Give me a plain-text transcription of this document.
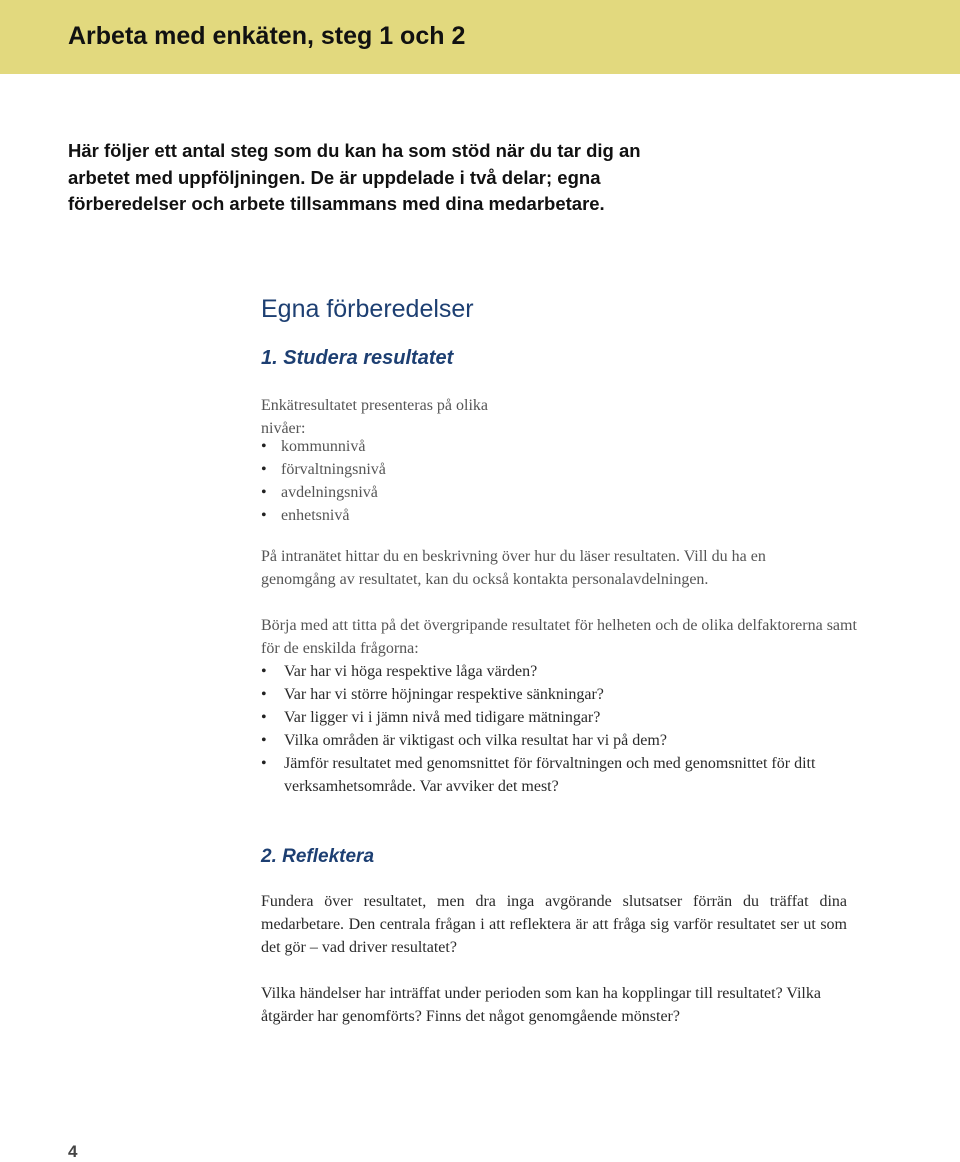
Arbeta med enkäten, steg 1 och 2

Här följer ett antal steg som du kan ha som stöd när du tar dig an arbetet med uppföljningen. De är uppdelade i två delar; egna förberedelser och arbete tillsammans med dina medarbetare.

Egna förberedelser
1. Studera resultatet

Enkätresultatet presenteras på olika nivåer:

• kommunnivå
• förvaltningsnivå
• avdelningsnivå
• enhetsnivå

På intranätet hittar du en beskrivning över hur du läser resultaten. Vill du ha en genomgång av resultatet, kan du också kontakta personalavdelningen.

Börja med att titta på det övergripande resultatet för helheten och de olika delfaktorerna samt för de enskilda frågorna:

• Var har vi höga respektive låga värden?
• Var har vi större höjningar respektive sänkningar?
• Var ligger vi i jämn nivå med tidigare mätningar?
• Vilka områden är viktigast och vilka resultat har vi på dem?
• Jämför resultatet med genomsnittet för förvaltningen och med genomsnittet för ditt verksamhetsområde. Var avviker det mest?
2. Reflektera

Fundera över resultatet, men dra inga avgörande slutsatser förrän du träffat dina medarbetare. Den centrala frågan i att reflektera är att fråga sig varför resultatet ser ut som det gör – vad driver resultatet?

Vilka händelser har inträffat under perioden som kan ha kopplingar till resultatet? Vilka åtgärder har genomförts? Finns det något genomgående mönster?

4
